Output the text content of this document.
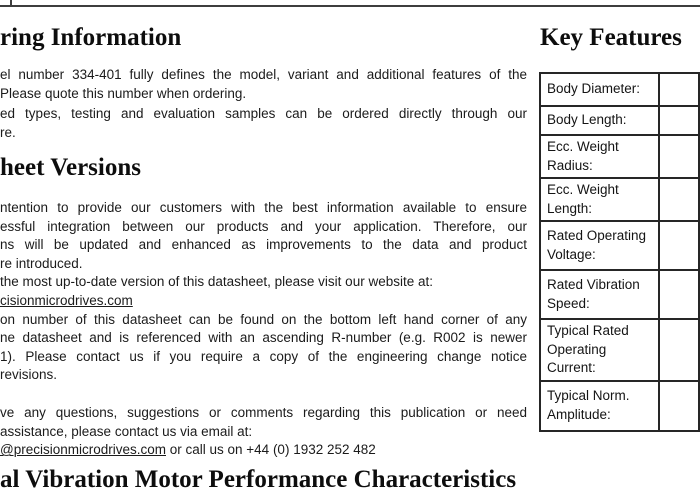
ring Information
el number 334-401 fully defines the model, variant and additional features of the
Please quote this number when ordering.
ed types, testing and evaluation samples can be ordered directly through our
re.
heet Versions
ntention to provide our customers with the best information available to ensure
essful integration between our products and your application. Therefore, our
ns will be updated and enhanced as improvements to the data and product
re introduced.
the most up-to-date version of this datasheet, please visit our website at:
cisionmicrodrives.com
on number of this datasheet can be found on the bottom left hand corner of any
ne datasheet and is referenced with an ascending R-number (e.g. R002 is newer
1). Please contact us if you require a copy of the engineering change notice
revisions.
ve any questions, suggestions or comments regarding this publication or need
assistance, please contact us via email at:
@precisionmicrodrives.com or call us on +44 (0) 1932 252 482
al Vibration Motor Performance Characteristics
Key Features
Body Diameter:	

Body Length:	

Ecc. Weight Radius:	

Ecc. Weight Length:	

Rated Operating
Voltage:	

Rated Vibration
Speed:	

Typical Rated
Operating Current:	

Typical Norm.
Amplitude:	
